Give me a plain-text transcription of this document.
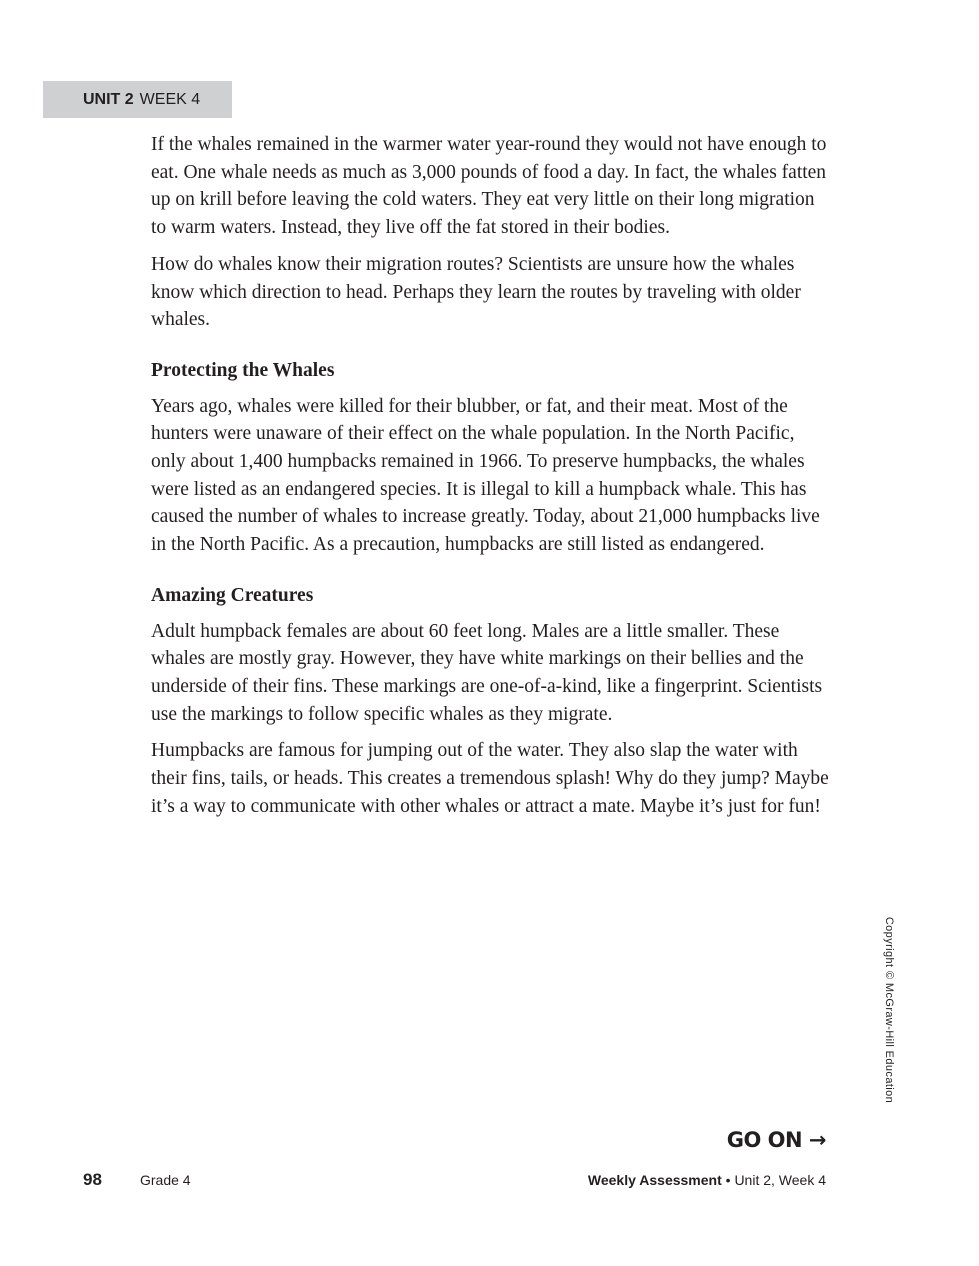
UNIT 2 WEEK 4

If the whales remained in the warmer water year-round they would not have enough to eat. One whale needs as much as 3,000 pounds of food a day. In fact, the whales fatten up on krill before leaving the cold waters. They eat very little on their long migration to warm waters. Instead, they live off the fat stored in their bodies.

How do whales know their migration routes? Scientists are unsure how the whales know which direction to head. Perhaps they learn the routes by traveling with older whales.

Protecting the Whales

Years ago, whales were killed for their blubber, or fat, and their meat. Most of the hunters were unaware of their effect on the whale population. In the North Pacific, only about 1,400 humpbacks remained in 1966. To preserve humpbacks, the whales were listed as an endangered species. It is illegal to kill a humpback whale. This has caused the number of whales to increase greatly. Today, about 21,000 humpbacks live in the North Pacific. As a precaution, humpbacks are still listed as endangered.

Amazing Creatures

Adult humpback females are about 60 feet long. Males are a little smaller. These whales are mostly gray. However, they have white markings on their bellies and the underside of their fins. These markings are one-of-a-kind, like a fingerprint. Scientists use the markings to follow specific whales as they migrate.

Humpbacks are famous for jumping out of the water. They also slap the water with their fins, tails, or heads. This creates a tremendous splash! Why do they jump? Maybe it’s a way to communicate with other whales or attract a mate. Maybe it’s just for fun!

Copyright © McGraw-Hill Education
GO ON →
98	Grade 4	Weekly Assessment • Unit 2, Week 4
